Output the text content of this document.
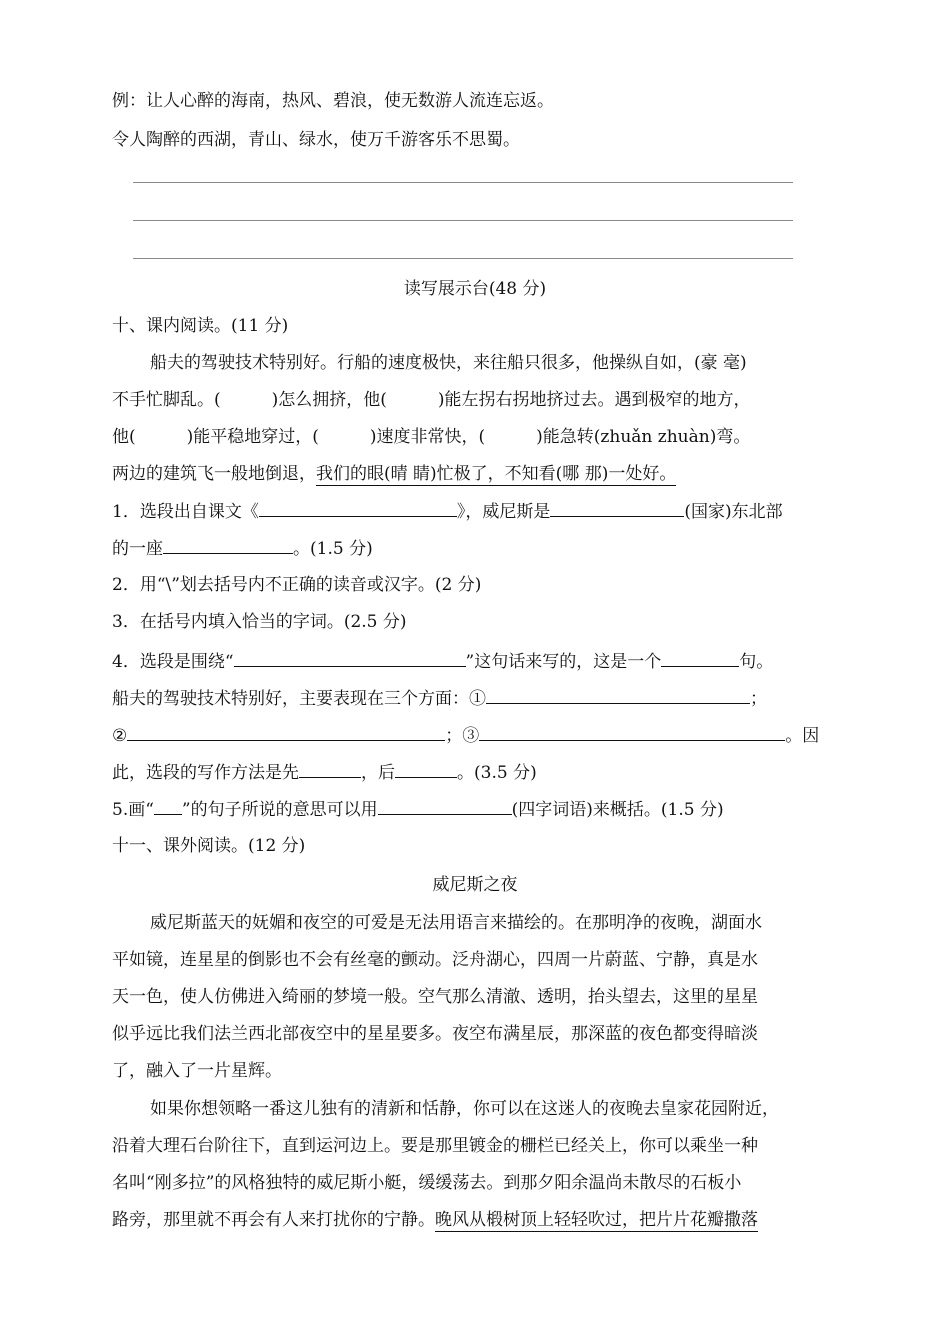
例：让人心醉的海南，热风、碧浪，使无数游人流连忘返。
令人陶醉的西湖，青山、绿水，使万千游客乐不思蜀。
读写展示台(48 分)
十、课内阅读。(11 分)
船夫的驾驶技术特别好。行船的速度极快，来往船只很多，他操纵自如，(豪 毫)
不手忙脚乱。(　　　)怎么拥挤，他(　　　)能左拐右拐地挤过去。遇到极窄的地方，
他(　　　)能平稳地穿过，(　　　)速度非常快，(　　　)能急转(zhuǎn zhuàn)弯。
两边的建筑飞一般地倒退，我们的眼(晴 睛)忙极了，不知看(哪 那)一处好。
1．选段出自课文《	》，威尼斯是	(国家)东北部
的一座	。(1.5 分)
2．用“\”划去括号内不正确的读音或汉字。(2 分)
3．在括号内填入恰当的字词。(2.5 分)
4．选段是围绕“	”这句话来写的，这是一个	句。
船夫的驾驶技术特别好，主要表现在三个方面：①	；
②	；③	。因
此，选段的写作方法是先	，后	。(3.5 分)
5.画“ ”的句子所说的意思可以用	(四字词语)来概括。(1.5 分)
十一、课外阅读。(12 分)
威尼斯之夜
威尼斯蓝天的妩媚和夜空的可爱是无法用语言来描绘的。在那明净的夜晚，湖面水
平如镜，连星星的倒影也不会有丝毫的颤动。泛舟湖心，四周一片蔚蓝、宁静，真是水
天一色，使人仿佛进入绮丽的梦境一般。空气那么清澈、透明，抬头望去，这里的星星
似乎远比我们法兰西北部夜空中的星星要多。夜空布满星辰，那深蓝的夜色都变得暗淡
了，融入了一片星辉。
如果你想领略一番这儿独有的清新和恬静，你可以在这迷人的夜晚去皇家花园附近，
沿着大理石台阶往下，直到运河边上。要是那里镀金的栅栏已经关上，你可以乘坐一种
名叫“刚多拉”的风格独特的威尼斯小艇，缓缓荡去。到那夕阳余温尚未散尽的石板小
路旁，那里就不再会有人来打扰你的宁静。晚风从椴树顶上轻轻吹过，把片片花瓣撒落
